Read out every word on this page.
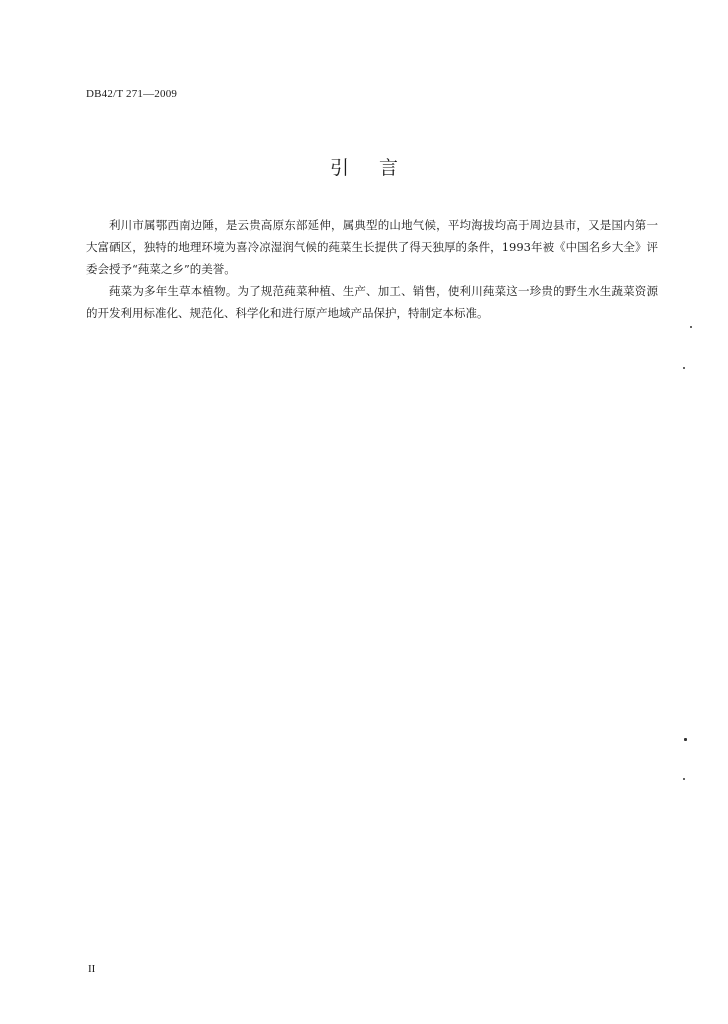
DB42/T 271—2009
引言

利川市属鄂西南边陲，是云贵高原东部延伸，属典型的山地气候，平均海拔均高于周边县市，又是国内第一大富硒区，独特的地理环境为喜冷凉湿润气候的莼菜生长提供了得天独厚的条件，1993年被《中国名乡大全》评委会授予“莼菜之乡”的美誉。

莼菜为多年生草本植物。为了规范莼菜种植、生产、加工、销售，使利川莼菜这一珍贵的野生水生蔬菜资源的开发利用标准化、规范化、科学化和进行原产地域产品保护，特制定本标准。

II
